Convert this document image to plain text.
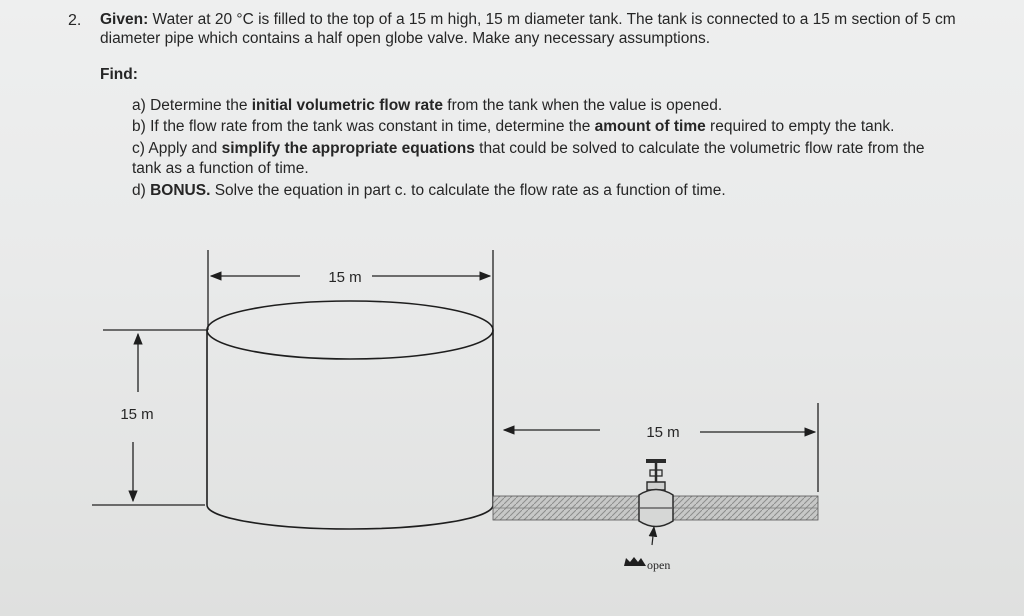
2. Given: Water at 20 °C is filled to the top of a 15 m high, 15 m diameter tank. The tank is connected to a 15 m section of 5 cm
diameter pipe which contains a half open globe valve. Make any necessary assumptions.
Find:
a) Determine the initial volumetric flow rate from the tank when the value is opened.
b) If the flow rate from the tank was constant in time, determine the amount of time required to empty the tank.
c) Apply and simplify the appropriate equations that could be solved to calculate the volumetric flow rate from the
tank as a function of time.
d) BONUS. Solve the equation in part c. to calculate the flow rate as a function of time.
15 m
15 m
15 m
open
